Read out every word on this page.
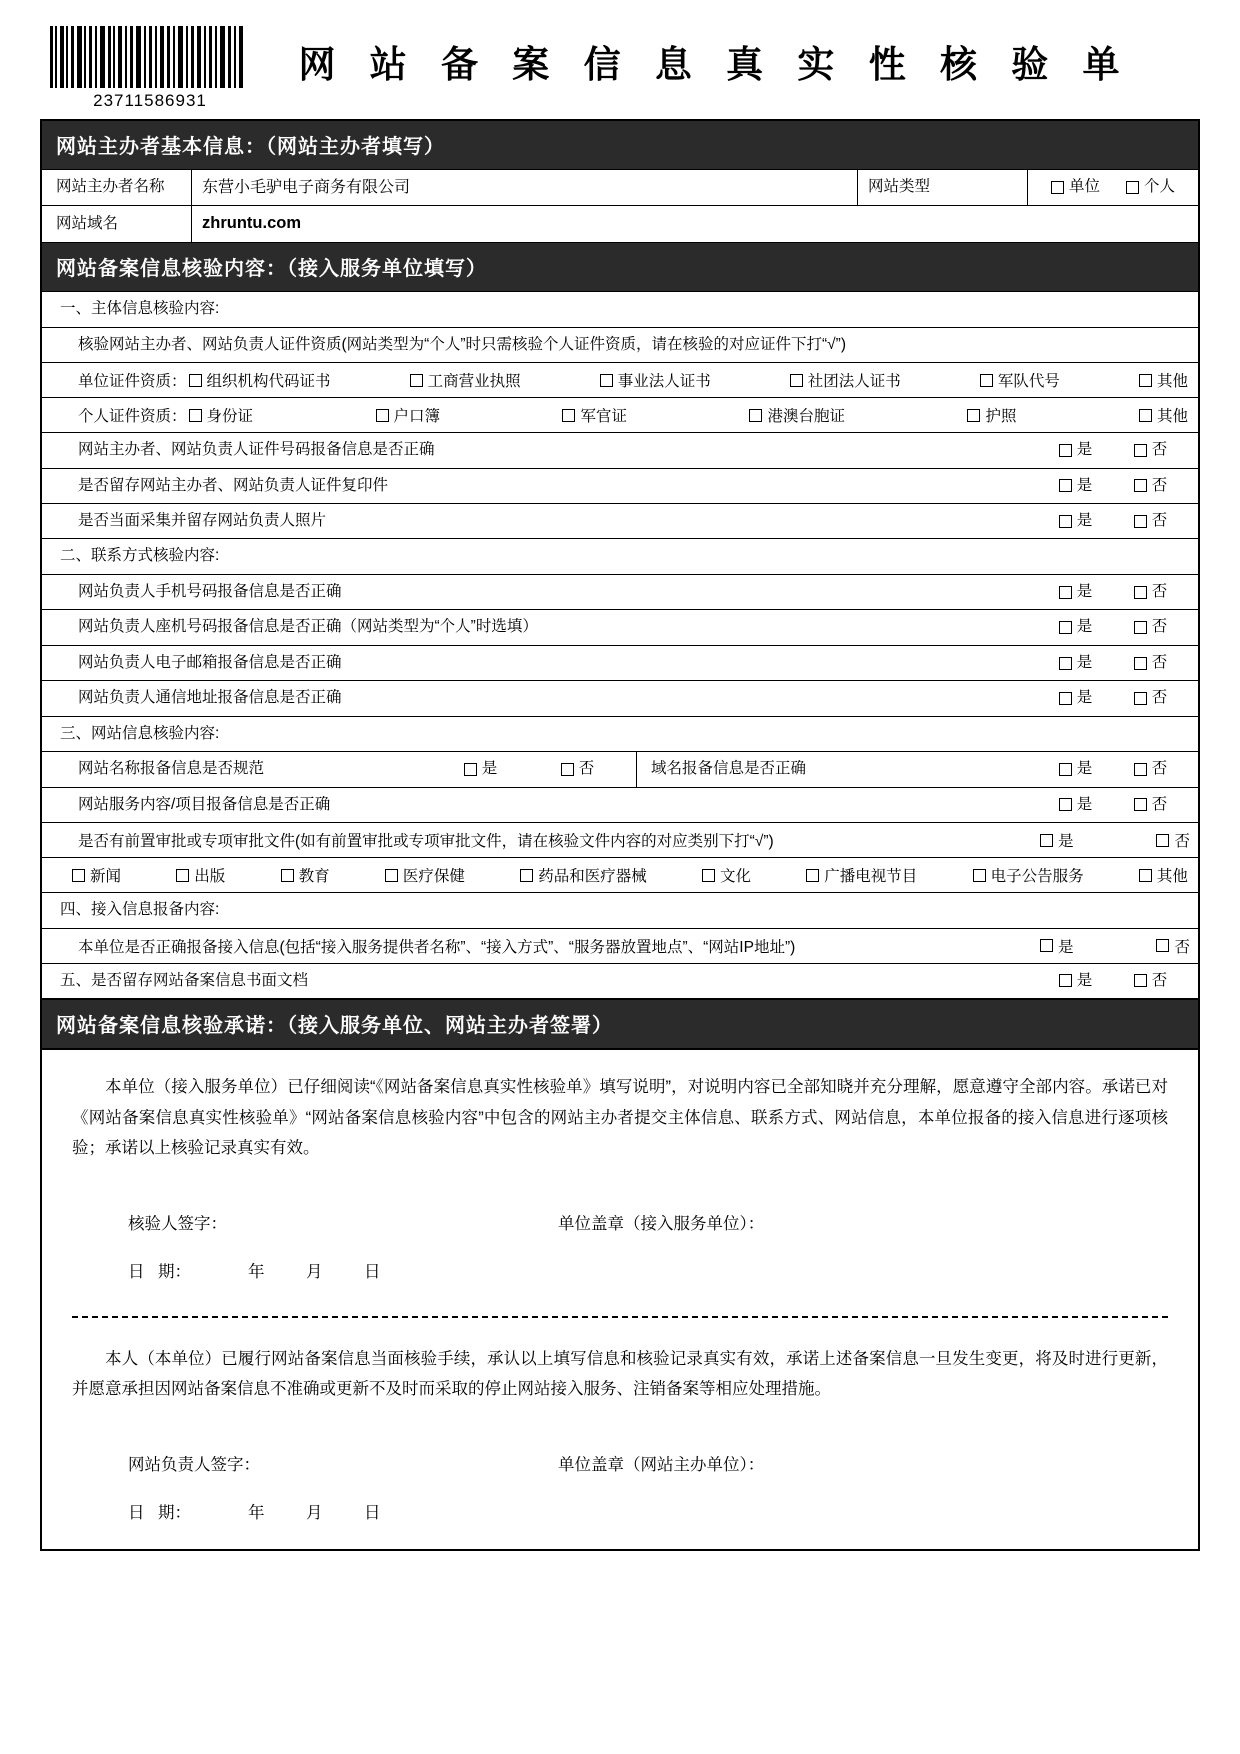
23711586931
网 站 备 案 信 息 真 实 性 核 验 单
网站主办者基本信息：（网站主办者填写）
网站主办者名称	东营小毛驴电子商务有限公司	网站类型	单位	个人
网站域名	zhruntu.com
网站备案信息核验内容：（接入服务单位填写）
一、主体信息核验内容:
核验网站主办者、网站负责人证件资质(网站类型为“个人”时只需核验个人证件资质，请在核验的对应证件下打“√”)
单位证件资质： 组织机构代码证书	工商营业执照	事业法人证书	社团法人证书	军队代号	其他
个人证件资质： 身份证	户口簿	军官证	港澳台胞证	护照	其他
网站主办者、网站负责人证件号码报备信息是否正确	是	否
是否留存网站主办者、网站负责人证件复印件	是	否
是否当面采集并留存网站负责人照片	是	否
二、联系方式核验内容:
网站负责人手机号码报备信息是否正确	是	否
网站负责人座机号码报备信息是否正确（网站类型为“个人”时选填）	是	否
网站负责人电子邮箱报备信息是否正确	是	否
网站负责人通信地址报备信息是否正确	是	否
三、网站信息核验内容:
网站名称报备信息是否规范	是	否	域名报备信息是否正确	是	否
网站服务内容/项目报备信息是否正确	是	否
是否有前置审批或专项审批文件(如有前置审批或专项审批文件，请在核验文件内容的对应类别下打“√”)	是	否
新闻	出版	教育	医疗保健	药品和医疗器械	文化	广播电视节目	电子公告服务	其他
四、接入信息报备内容:
本单位是否正确报备接入信息(包括“接入服务提供者名称”、“接入方式”、“服务器放置地点”、“网站IP地址”)	是	否
五、是否留存网站备案信息书面文档	是	否
网站备案信息核验承诺：（接入服务单位、网站主办者签署）
本单位（接入服务单位）已仔细阅读“《网站备案信息真实性核验单》填写说明”，对说明内容已全部知晓并充分理解，愿意遵守全部内容。承诺已对《网站备案信息真实性核验单》“网站备案信息核验内容”中包含的网站主办者提交主体信息、联系方式、网站信息，本单位报备的接入信息进行逐项核验；承诺以上核验记录真实有效。
核验人签字：	单位盖章（接入服务单位）：
日 期：	年	月	日
本人（本单位）已履行网站备案信息当面核验手续，承认以上填写信息和核验记录真实有效，承诺上述备案信息一旦发生变更，将及时进行更新，并愿意承担因网站备案信息不准确或更新不及时而采取的停止网站接入服务、注销备案等相应处理措施。
网站负责人签字：	单位盖章（网站主办单位）：
日 期：	年	月	日
